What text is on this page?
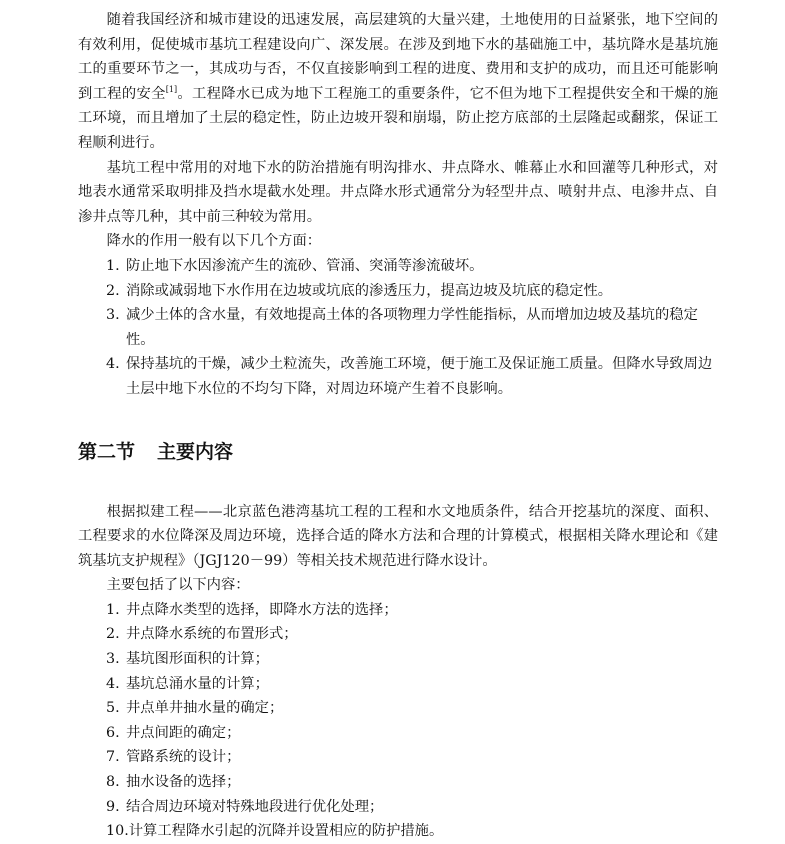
随着我国经济和城市建设的迅速发展，高层建筑的大量兴建，土地使用的日益紧张，地下空间的有效利用，促使城市基坑工程建设向广、深发展。在涉及到地下水的基础施工中，基坑降水是基坑施工的重要环节之一，其成功与否，不仅直接影响到工程的进度、费用和支护的成功，而且还可能影响到工程的安全[1]。工程降水已成为地下工程施工的重要条件，它不但为地下工程提供安全和干燥的施工环境，而且增加了土层的稳定性，防止边坡开裂和崩塌，防止挖方底部的土层隆起或翻浆，保证工程顺利进行。

基坑工程中常用的对地下水的防治措施有明沟排水、井点降水、帷幕止水和回灌等几种形式，对地表水通常采取明排及挡水堤截水处理。井点降水形式通常分为轻型井点、喷射井点、电渗井点、自渗井点等几种，其中前三种较为常用。

降水的作用一般有以下几个方面：

1. 防止地下水因渗流产生的流砂、管涌、突涌等渗流破坏。
2. 消除或减弱地下水作用在边坡或坑底的渗透压力，提高边坡及坑底的稳定性。
3. 减少土体的含水量，有效地提高土体的各项物理力学性能指标，从而增加边坡及基坑的稳定性。
4. 保持基坑的干燥，减少土粒流失，改善施工环境，便于施工及保证施工质量。但降水导致周边土层中地下水位的不均匀下降，对周边环境产生着不良影响。
第二节 主要内容

根据拟建工程——北京蓝色港湾基坑工程的工程和水文地质条件，结合开挖基坑的深度、面积、工程要求的水位降深及周边环境，选择合适的降水方法和合理的计算模式，根据相关降水理论和《建筑基坑支护规程》（JGJ120－99）等相关技术规范进行降水设计。

主要包括了以下内容：

1. 井点降水类型的选择，即降水方法的选择；
2. 井点降水系统的布置形式；
3. 基坑图形面积的计算；
4. 基坑总涌水量的计算；
5. 井点单井抽水量的确定；
6. 井点间距的确定；
7. 管路系统的设计；
8. 抽水设备的选择；
9. 结合周边环境对特殊地段进行优化处理；
10.计算工程降水引起的沉降并设置相应的防护措施。
